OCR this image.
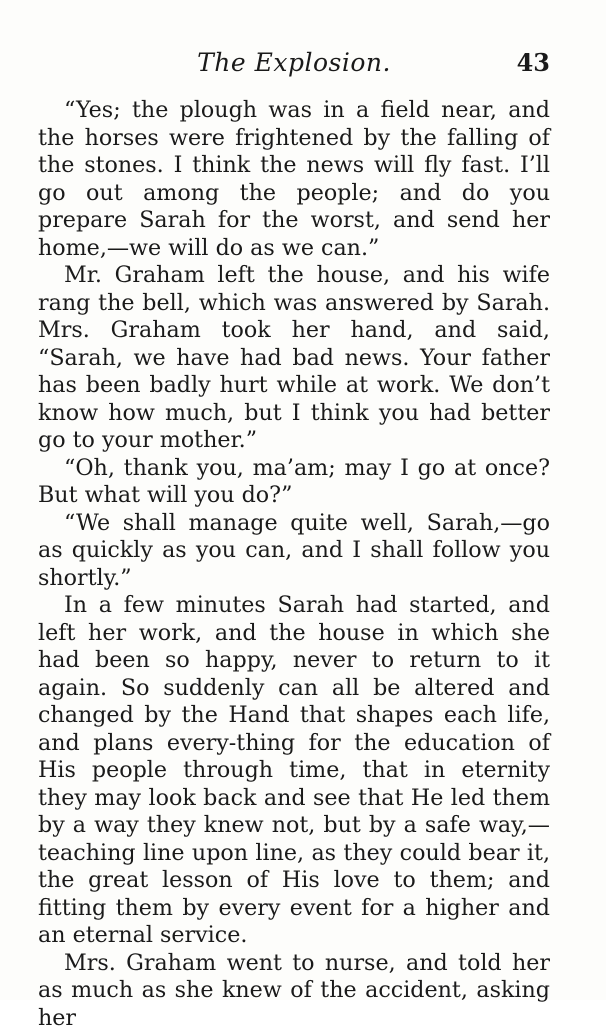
The Explosion.	43

“Yes; the plough was in a field near, and the horses were frightened by the falling of the stones. I think the news will fly fast. I’ll go out among the people; and do you prepare Sarah for the worst, and send her home,—we will do as we can.”

Mr. Graham left the house, and his wife rang the bell, which was answered by Sarah. Mrs. Graham took her hand, and said, “Sarah, we have had bad news. Your father has been badly hurt while at work. We don’t know how much, but I think you had better go to your mother.”

“Oh, thank you, ma’am; may I go at once? But what will you do?”

“We shall manage quite well, Sarah,—go as quickly as you can, and I shall follow you shortly.”

In a few minutes Sarah had started, and left her work, and the house in which she had been so happy, never to return to it again. So suddenly can all be altered and changed by the Hand that shapes each life, and plans every-thing for the education of His people through time, that in eternity they may look back and see that He led them by a way they knew not, but by a safe way,—teaching line upon line, as they could bear it, the great lesson of His love to them; and fitting them by every event for a higher and an eternal service.

Mrs. Graham went to nurse, and told her as much as she knew of the accident, asking her
